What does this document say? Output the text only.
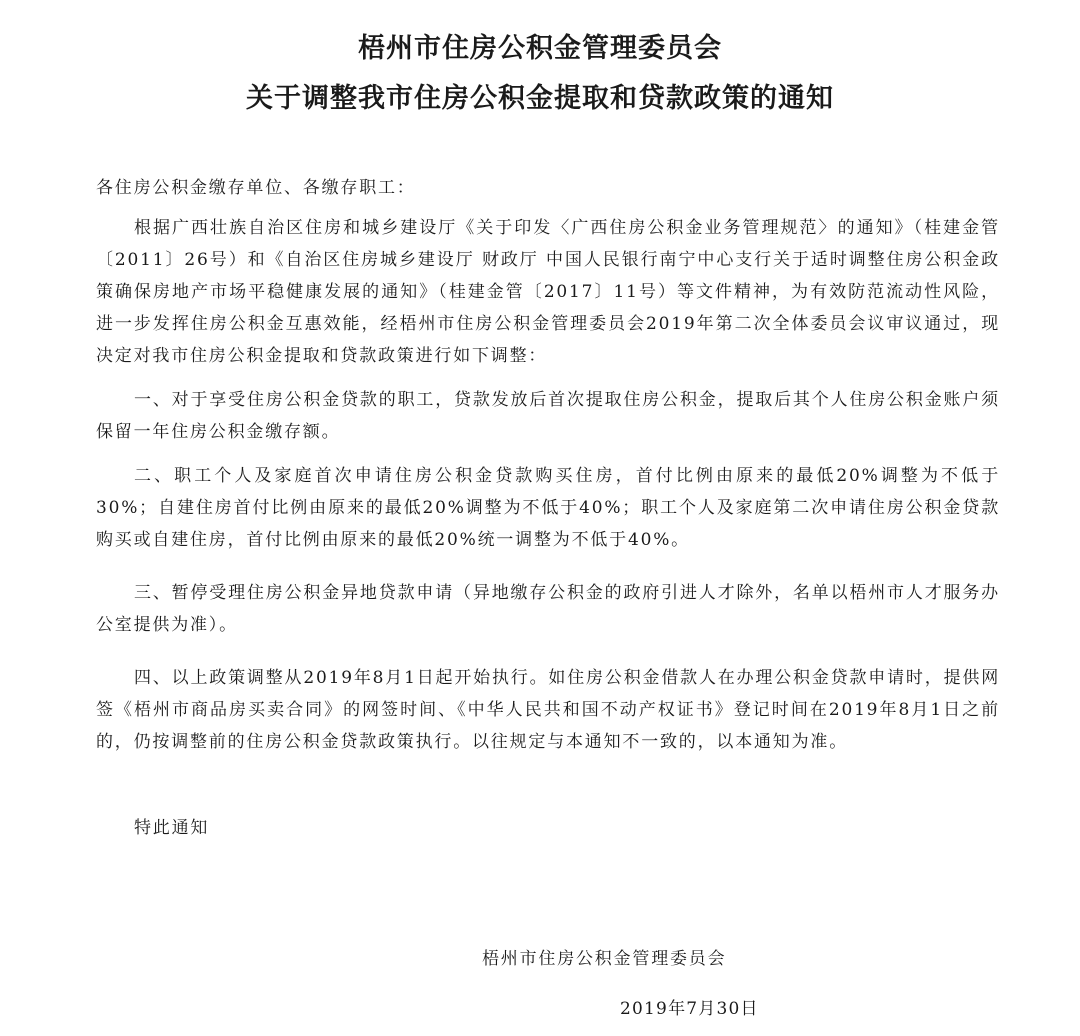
梧州市住房公积金管理委员会
关于调整我市住房公积金提取和贷款政策的通知
各住房公积金缴存单位、各缴存职工：
根据广西壮族自治区住房和城乡建设厅《关于印发〈广西住房公积金业务管理规范〉的通知》（桂建金管〔2011〕26号）和《自治区住房城乡建设厅 财政厅 中国人民银行南宁中心支行关于适时调整住房公积金政策确保房地产市场平稳健康发展的通知》（桂建金管〔2017〕11号）等文件精神，为有效防范流动性风险，进一步发挥住房公积金互惠效能，经梧州市住房公积金管理委员会2019年第二次全体委员会议审议通过，现决定对我市住房公积金提取和贷款政策进行如下调整：
一、对于享受住房公积金贷款的职工，贷款发放后首次提取住房公积金，提取后其个人住房公积金账户须保留一年住房公积金缴存额。
二、职工个人及家庭首次申请住房公积金贷款购买住房，首付比例由原来的最低20%调整为不低于30%；自建住房首付比例由原来的最低20%调整为不低于40%；职工个人及家庭第二次申请住房公积金贷款购买或自建住房，首付比例由原来的最低20%统一调整为不低于40%。
三、暂停受理住房公积金异地贷款申请（异地缴存公积金的政府引进人才除外，名单以梧州市人才服务办公室提供为准）。
四、以上政策调整从2019年8月1日起开始执行。如住房公积金借款人在办理公积金贷款申请时，提供网签《梧州市商品房买卖合同》的网签时间、《中华人民共和国不动产权证书》登记时间在2019年8月1日之前的，仍按调整前的住房公积金贷款政策执行。以往规定与本通知不一致的，以本通知为准。
特此通知
梧州市住房公积金管理委员会
2019年7月30日
